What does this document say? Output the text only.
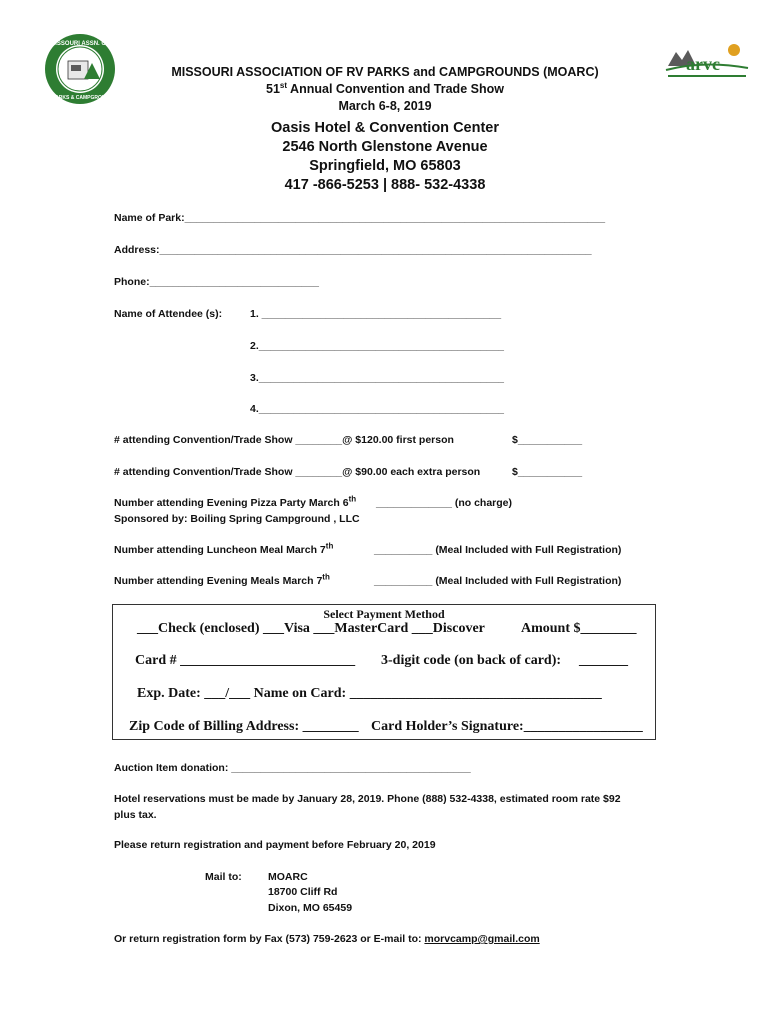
MISSOURI ASSN. OF
RV PARKS & CAMPGROUNDS
arvc
MISSOURI ASSOCIATION OF RV PARKS and CAMPGROUNDS (MOARC)
51st Annual Convention and Trade Show
March 6-8, 2019
Oasis Hotel & Convention Center
2546 North Glenstone Avenue
Springfield, MO 65803
417 -866-5253 | 888- 532-4338
Name of Park:________________________________________________________________________
Address:__________________________________________________________________________
Phone:_____________________________
Name of Attendee (s):	1. _________________________________________
2.__________________________________________
3.__________________________________________
4.__________________________________________
# attending Convention/Trade Show ________@ $120.00 first person	$___________
# attending Convention/Trade Show ________@ $90.00 each extra person	$___________
Number attending Evening Pizza Party March 6th _____________ (no charge)
Sponsored by: Boiling Spring Campground , LLC
Number attending Luncheon Meal March 7th	__________ (Meal Included with Full Registration)
Number attending Evening Meals March 7th	__________ (Meal Included with Full Registration)
Select Payment Method
___Check (enclosed) ___Visa ___MasterCard ___Discover	Amount $________
Card # _________________________ 3-digit code (on back of card): _______
Exp. Date: ___/___ Name on Card: ____________________________________
Zip Code of Billing Address: ________ Card Holder’s Signature:_________________
Auction Item donation: _________________________________________
Hotel reservations must be made by January 28, 2019. Phone (888) 532-4338, estimated room rate $92
plus tax.
Please return registration and payment before February 20, 2019
Mail to:	MOARC
18700 Cliff Rd
Dixon, MO 65459
Or return registration form by Fax (573) 759-2623 or E-mail to: morvcamp@gmail.com
